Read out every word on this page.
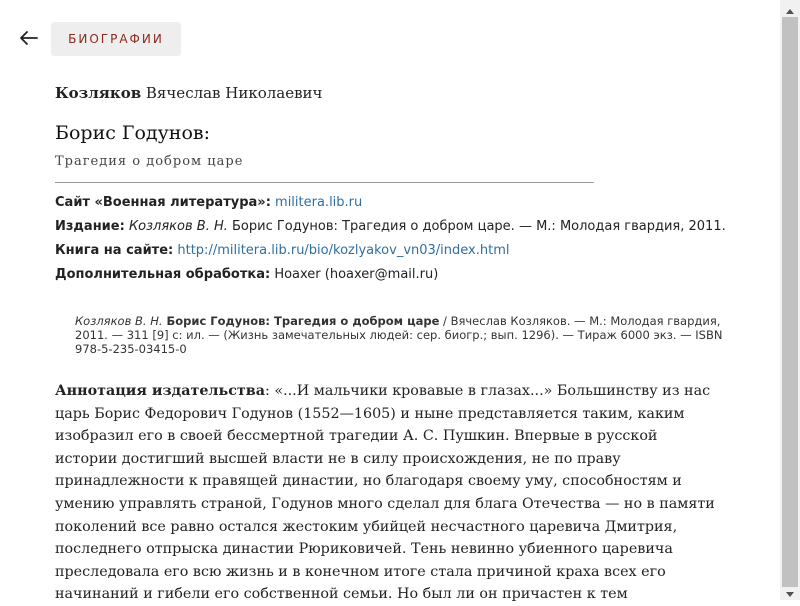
БИОГРАФИИ
Козляков Вячеслав Николаевич
Борис Годунов:
Трагедия о добром царе
Сайт «Военная литература»: militera.lib.ru
Издание: Козляков В. Н. Борис Годунов: Трагедия о добром царе. — М.: Молодая гвардия, 2011.
Книга на сайте: http://militera.lib.ru/bio/kozlyakov_vn03/index.html
Дополнительная обработка: Hoaxer (hoaxer@mail.ru)
Козляков В. Н. Борис Годунов: Трагедия о добром царе / Вячеслав Козляков. — М.: Молодая гвардия,
2011. — 311 [9] с: ил. — (Жизнь замечательных людей: сер. биогр.; вып. 1296). — Тираж 6000 экз. — ISBN
978-5-235-03415-0
Аннотация издательства: «...И мальчики кровавые в глазах...» Большинству из нас
царь Борис Федорович Годунов (1552—1605) и ныне представляется таким, каким
изобразил его в своей бессмертной трагедии А. С. Пушкин. Впервые в русской
истории достигший высшей власти не в силу происхождения, не по праву
принадлежности к правящей династии, но благодаря своему уму, способностям и
умению управлять страной, Годунов много сделал для блага Отечества — но в памяти
поколений все равно остался жестоким убийцей несчастного царевича Дмитрия,
последнего отпрыска династии Рюриковичей. Тень невинно убиенного царевича
преследовала его всю жизнь и в конечном итоге стала причиной краха всех его
начинаний и гибели его собственной семьи. Но был ли он причастен к тем
